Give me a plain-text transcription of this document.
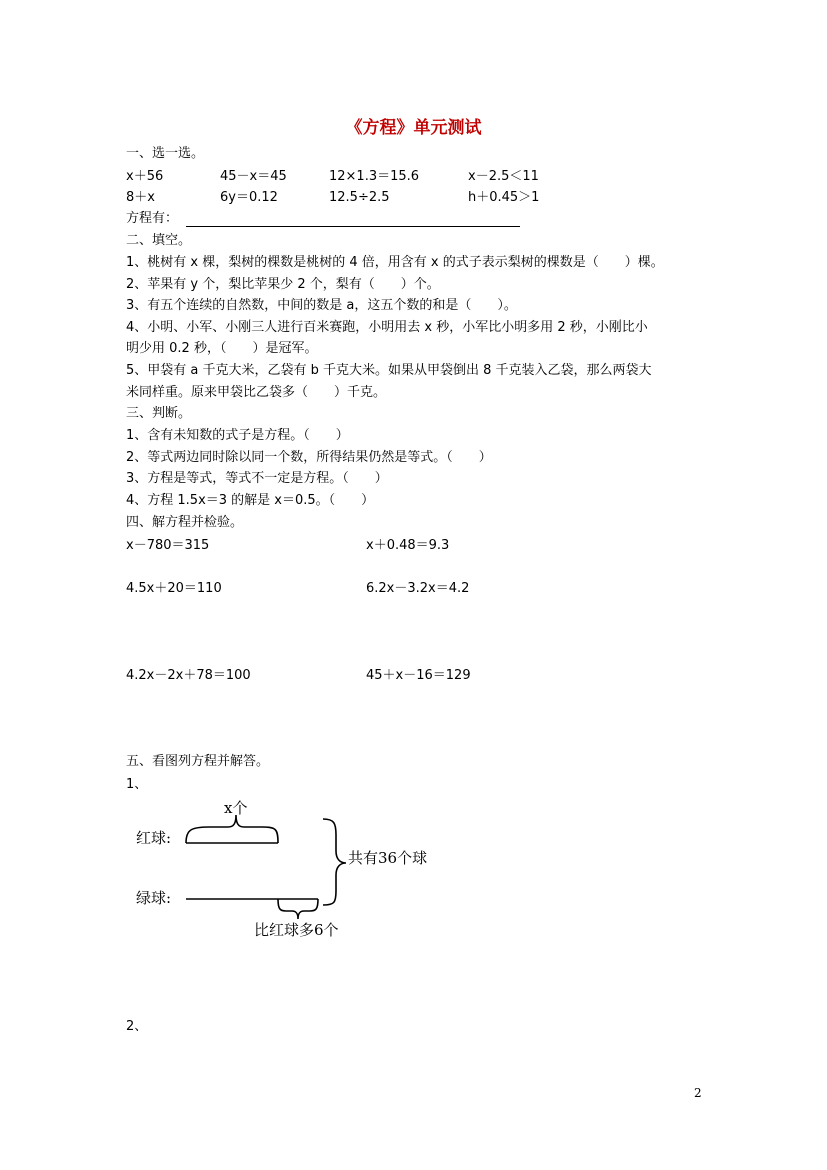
《方程》单元测试
一、选一选。
x＋56	45－x＝45	12×1.3＝15.6	x－2.5＜11
8＋x	6y＝0.12	12.5÷2.5	h＋0.45＞1
方程有：
二、填空。
1、桃树有 x 棵，梨树的棵数是桃树的 4 倍，用含有 x 的式子表示梨树的棵数是（　　）棵。
2、苹果有 y 个，梨比苹果少 2 个，梨有（　　）个。
3、有五个连续的自然数，中间的数是 a，这五个数的和是（　　）。
4、小明、小军、小刚三人进行百米赛跑，小明用去 x 秒，小军比小明多用 2 秒，小刚比小
明少用 0.2 秒，（　　）是冠军。
5、甲袋有 a 千克大米，乙袋有 b 千克大米。如果从甲袋倒出 8 千克装入乙袋，那么两袋大
米同样重。原来甲袋比乙袋多（　　）千克。
三、判断。
1、含有未知数的式子是方程。（　　）
2、等式两边同时除以同一个数，所得结果仍然是等式。（　　）
3、方程是等式，等式不一定是方程。（　　）
4、方程 1.5x＝3 的解是 x＝0.5。（　　）
四、解方程并检验。
x－780＝315	x＋0.48＝9.3
4.5x＋20＝110	6.2x－3.2x＝4.2
4.2x－2x＋78＝100	45＋x－16＝129
五、看图列方程并解答。
1、
x个
红球:
绿球:
共有36个球
比红球多6个
2、
2
